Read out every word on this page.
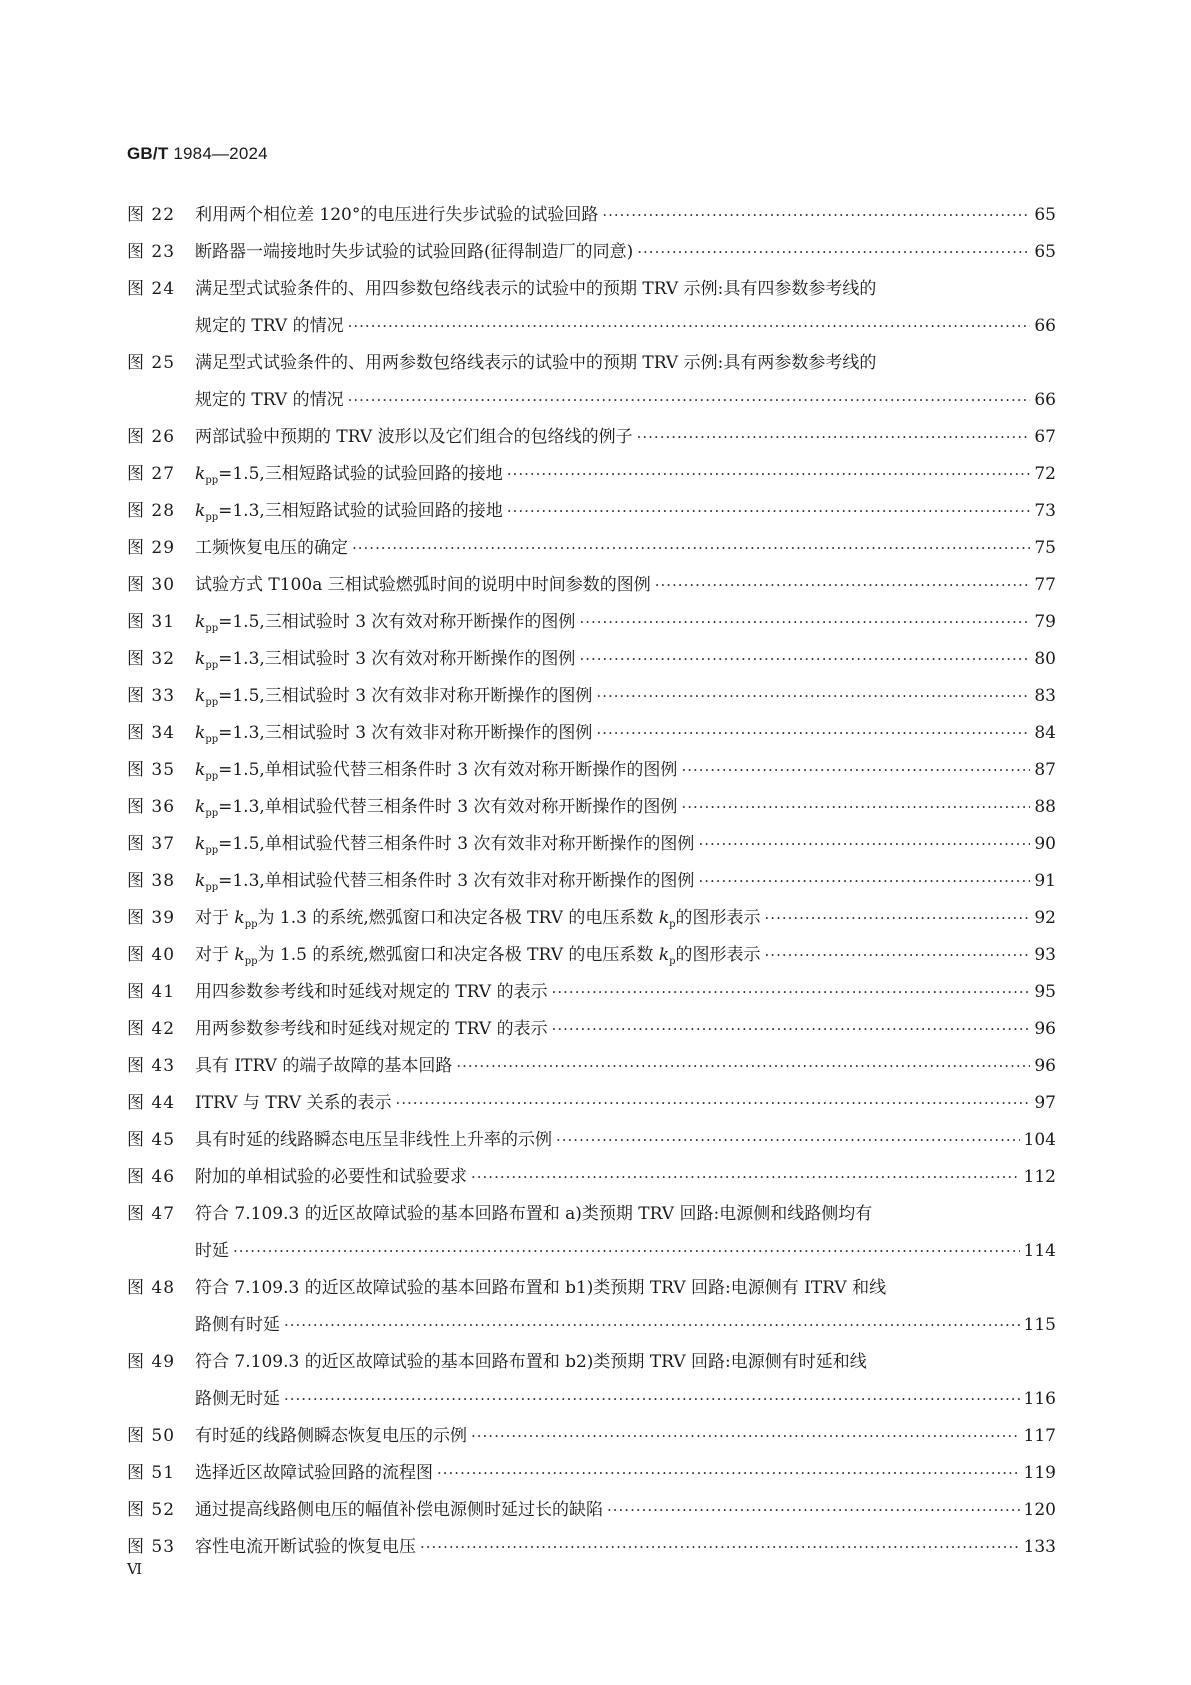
GB/T 1984—2024
图 22	利用两个相位差 120°的电压进行失步试验的试验回路 ·····	65
图 23	断路器一端接地时失步试验的试验回路(征得制造厂的同意) ·····	65
图 24	满足型式试验条件的、用四参数包络线表示的试验中的预期 TRV 示例:具有四参数参考线的
规定的 TRV 的情况 ·····	66
图 25	满足型式试验条件的、用两参数包络线表示的试验中的预期 TRV 示例:具有两参数参考线的
规定的 TRV 的情况 ·····	66
图 26	两部试验中预期的 TRV 波形以及它们组合的包络线的例子 ·····	67
图 27	$k_{pp} =1.5$,三相短路试验的试验回路的接地 ·····	72
图 28	$k_{pp} =1.3$,三相短路试验的试验回路的接地 ·····	73
图 29	工频恢复电压的确定 ·····	75
图 30	试验方式 T100a 三相试验燃弧时间的说明中时间参数的图例 ·····	77
图 31	$k_{pp} =1.5$,三相试验时 3 次有效对称开断操作的图例 ·····	79
图 32	$k_{pp} =1.3$,三相试验时 3 次有效对称开断操作的图例 ·····	80
图 33	$k_{pp} =1.5$,三相试验时 3 次有效非对称开断操作的图例 ·····	83
图 34	$k_{pp} =1.3$,三相试验时 3 次有效非对称开断操作的图例 ·····	84
图 35	$k_{pp} =1.5$,单相试验代替三相条件时 3 次有效对称开断操作的图例 ·····	87
图 36	$k_{pp} =1.3$,单相试验代替三相条件时 3 次有效对称开断操作的图例 ·····	88
图 37	$k_{pp} =1.5$,单相试验代替三相条件时 3 次有效非对称开断操作的图例 ·····	90
图 38	$k_{pp} =1.3$,单相试验代替三相条件时 3 次有效非对称开断操作的图例 ·····	91
图 39	对于 $k_{pp}$为 1.3 的系统,燃弧窗口和决定各极 TRV 的电压系数 $k_p$的图形表示 ·····	92
图 40	对于 $k_{pp}$为 1.5 的系统,燃弧窗口和决定各极 TRV 的电压系数 $k_p$的图形表示 ·····	93
图 41	用四参数参考线和时延线对规定的 TRV 的表示 ·····	95
图 42	用两参数参考线和时延线对规定的 TRV 的表示 ·····	96
图 43	具有 ITRV 的端子故障的基本回路 ·····	96
图 44	ITRV 与 TRV 关系的表示 ·····	97
图 45	具有时延的线路瞬态电压呈非线性上升率的示例 ·····	104
图 46	附加的单相试验的必要性和试验要求 ·····	112
图 47	符合 7.109.3 的近区故障试验的基本回路布置和 a)类预期 TRV 回路:电源侧和线路侧均有
时延 ·····	114
图 48	符合 7.109.3 的近区故障试验的基本回路布置和 b1)类预期 TRV 回路:电源侧有 ITRV 和线
路侧有时延 ·····	115
图 49	符合 7.109.3 的近区故障试验的基本回路布置和 b2)类预期 TRV 回路:电源侧有时延和线
路侧无时延 ·····	116
图 50	有时延的线路侧瞬态恢复电压的示例 ·····	117
图 51	选择近区故障试验回路的流程图 ·····	119
图 52	通过提高线路侧电压的幅值补偿电源侧时延过长的缺陷 ·····	120
图 53	容性电流开断试验的恢复电压 ·····	133
Ⅵ
